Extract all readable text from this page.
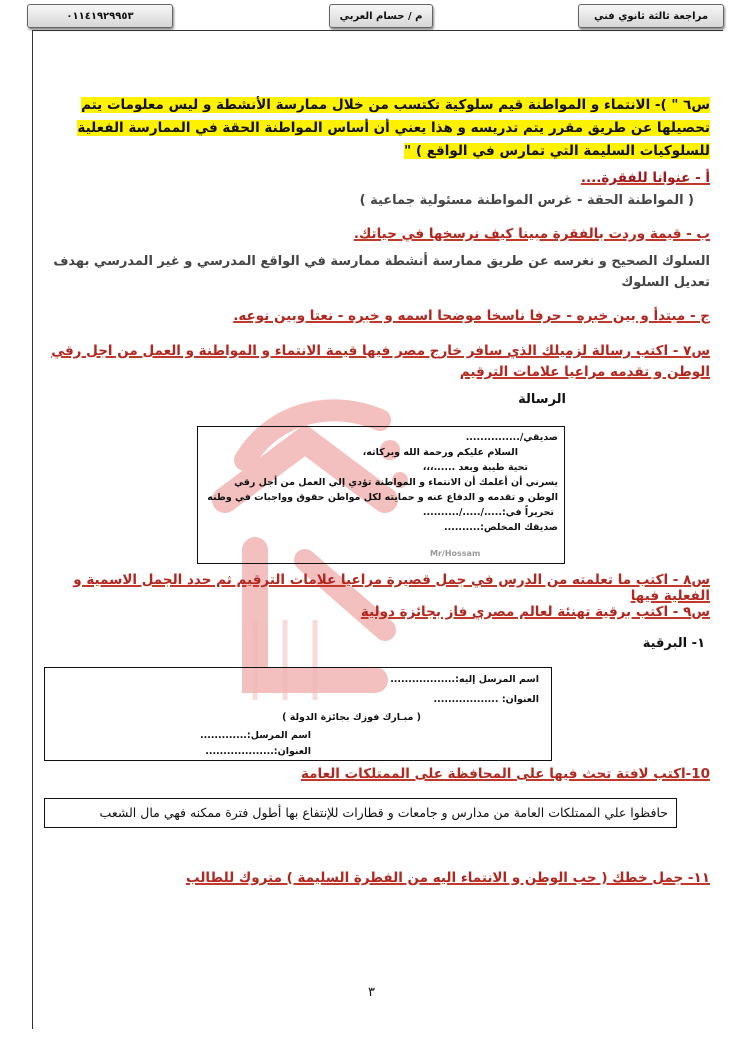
٠١١٤١٩٢٩٩٥٣	م / حسام العربي	مراجعة ثالثة ثانوي فني
س٦ " )- الانتماء و المواطنة قيم سلوكية تكتسب من خلال ممارسة الأنشطة و ليس معلومات يتم تحصيلها عن طريق مقرر يتم تدريسه و هذا يعني أن أساس المواطنة الحقة في الممارسة الفعلية للسلوكيات السليمة التي تمارس في الواقع ) "
أ - عنوانا للفقرة....
( المواطنة الحقة - غرس المواطنة مسئولية جماعية )
ب - قيمة وردت بالفقرة مبينا كيف نرسخها في حياتك.
السلوك الصحيح و نغرسه عن طريق ممارسة أنشطة ممارسة في الواقع المدرسي و غير المدرسي بهدف تعديل السلوك
ج - مبتدأ و بين خبره - حرفا ناسخا موضحا اسمه و خبره - نعتا وبين نوعه.
س٧ - اكتب رسالة لزميلك الذي سافر خارج مصر فيها قيمة الانتماء و المواطنة و العمل من اجل رقي الوطن و تقدمه مراعيا علامات الترقيم
الرسالة
صديقي/...............
السلام عليكم ورحمة الله وبركاته،
تحية طيبة وبعد ......،،،
يسرني أن أعلمك أن الانتماء و المواطنة تؤدي إلي العمل من أجل رقي الوطن و تقدمه و الدفاع عنه و حمايته لكل مواطن حقوق وواجبات في وطنه
تحريراً في:...../...../..........
صديقك المخلص:..........
Mr/Hossam
س٨ - اكتب ما تعلمته من الدرس في جمل قصيرة مراعيا علامات الترقيم ثم حدد الجمل الاسمية و الفعلية فيها
س٩ - اكتب برقية تهنئة لعالم مصري فاز بجائزة دولية
١- البرقية
اسم المرسل إليه:..................
العنوان: ..................
( مبـارك فوزك بجائزة الدولة )
اسم المرسل:.............
العنوان:...................
10-اكتب لافتة تحث فيها على المحافظة على الممتلكات العامة
حافظوا علي الممتلكات العامة من مدارس و جامعات و قطارات للإنتفاع بها أطول فترة ممكنه فهي مال الشعب
١١- جمل خطك ( حب الوطن و الانتماء اليه من الفطرة السليمة ) متروك للطالب
٣
